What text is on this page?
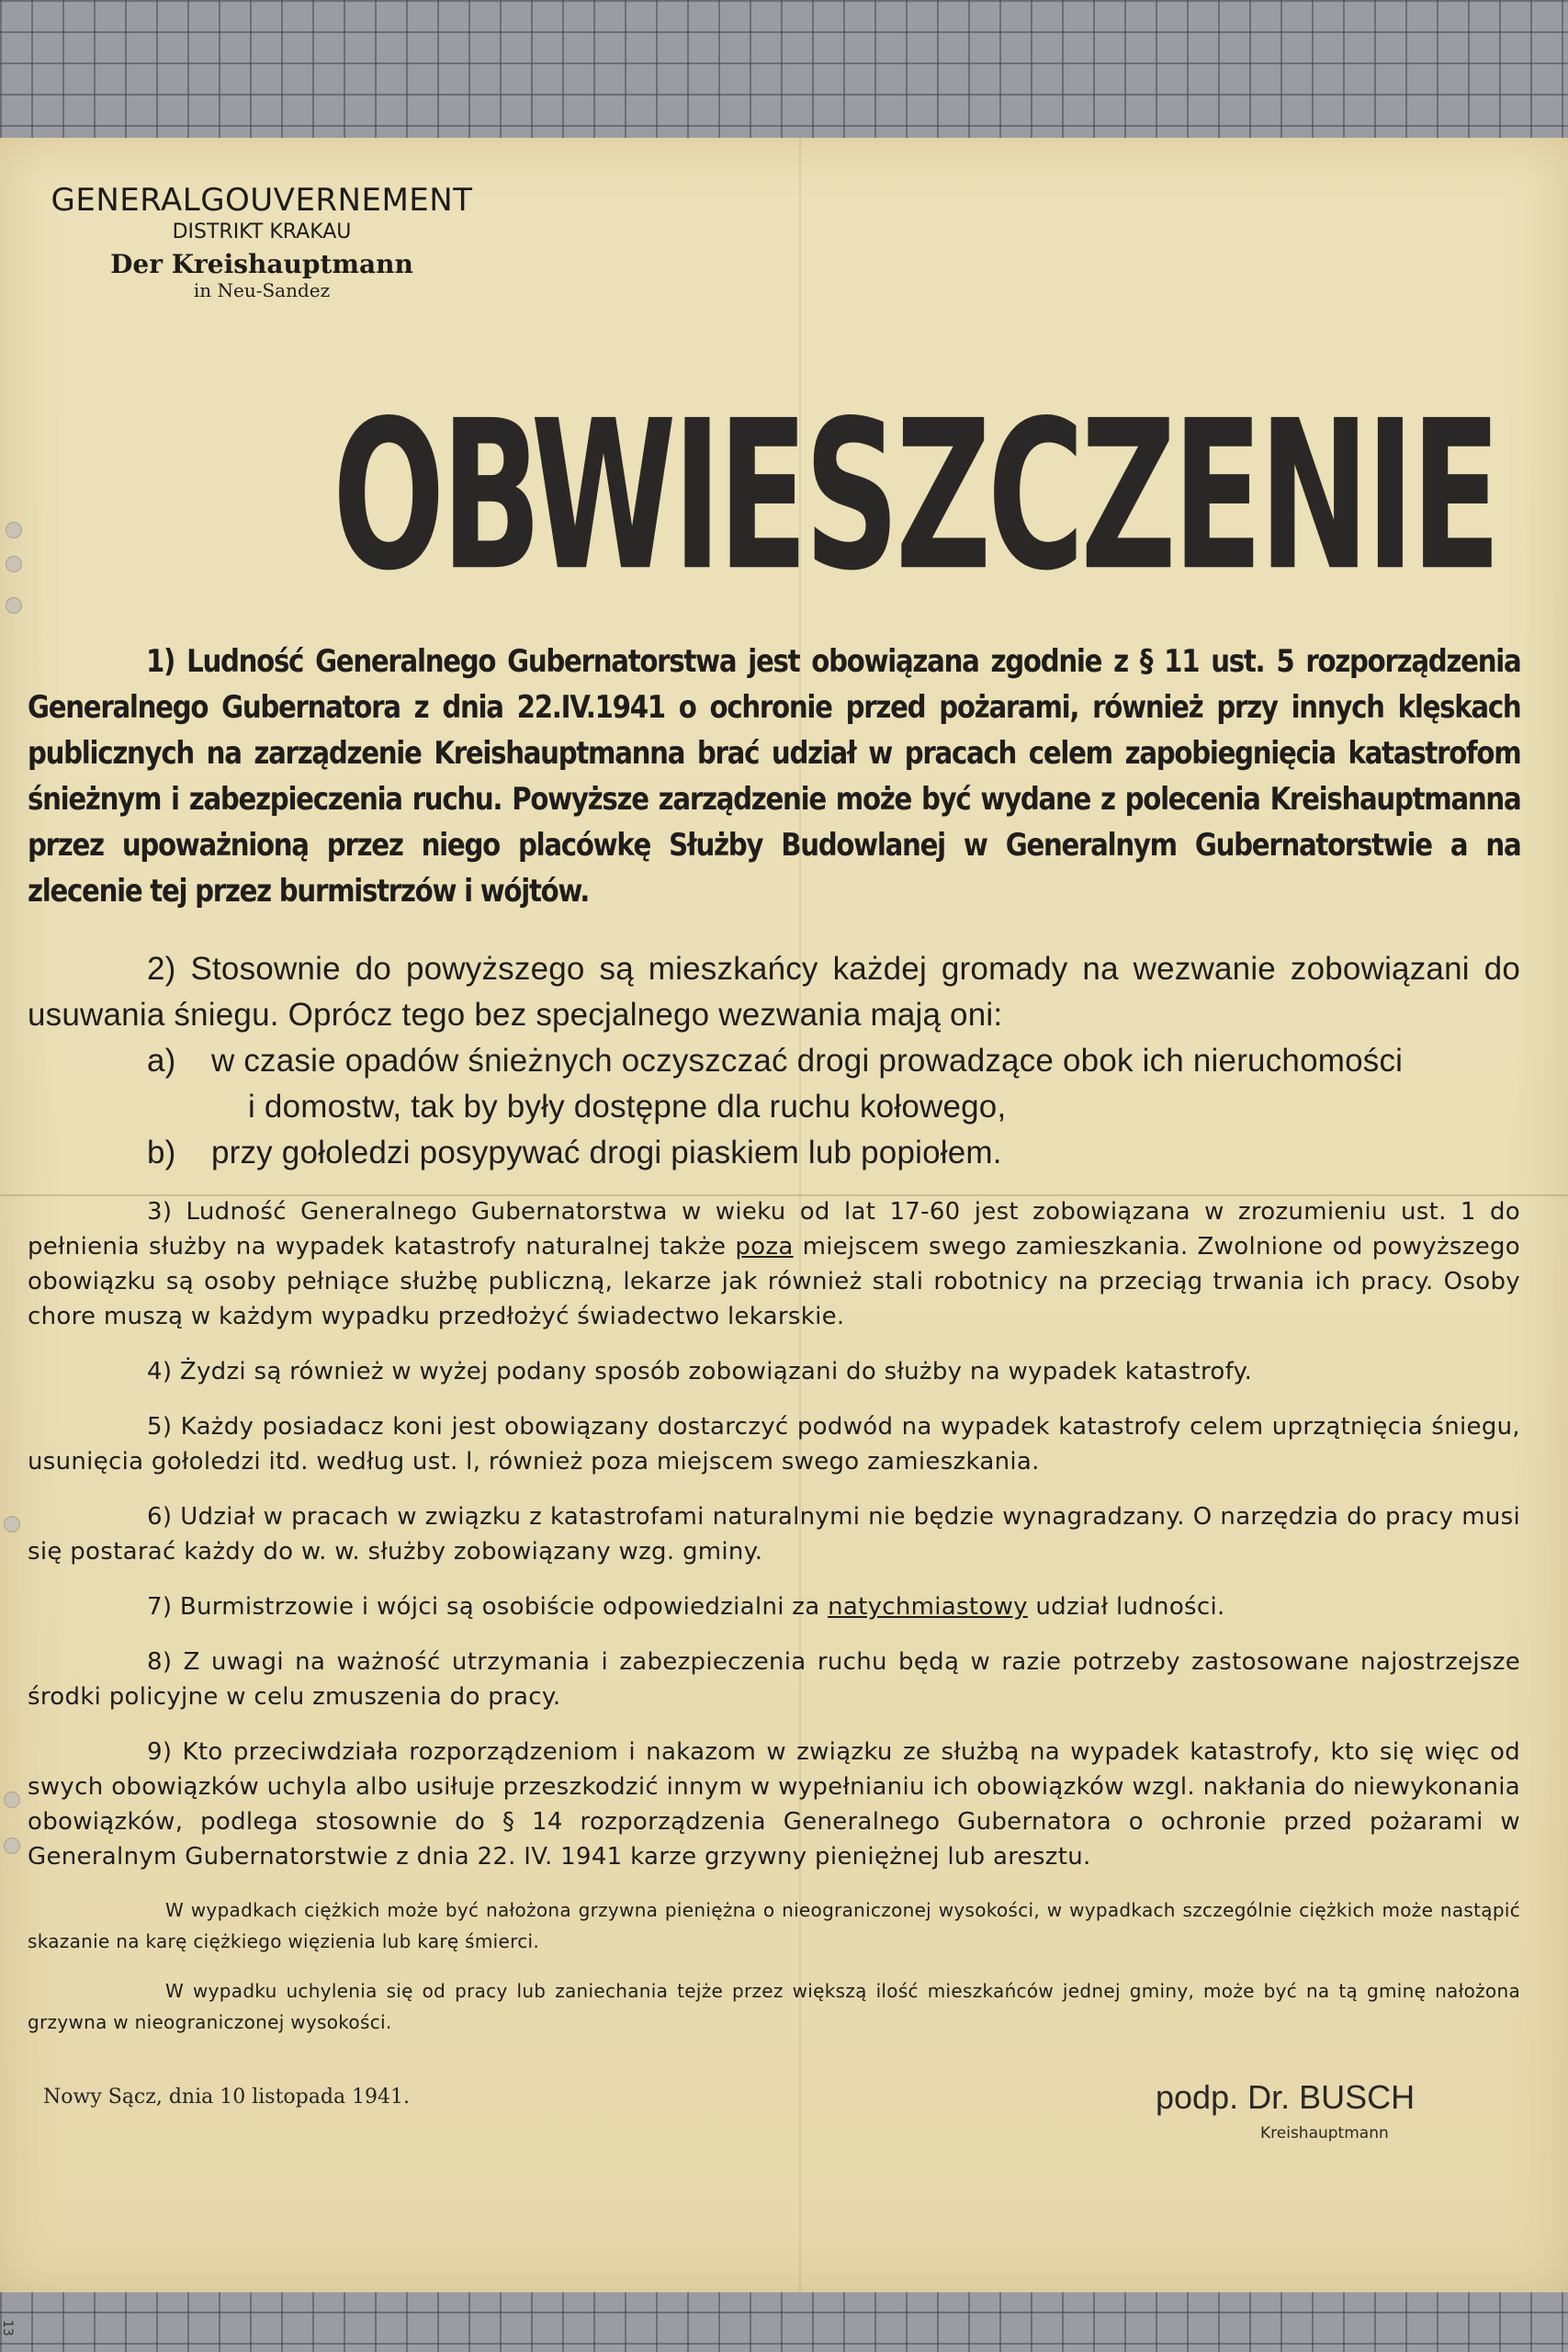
GENERALGOUVERNEMENT
DISTRIKT KRAKAU
Der Kreishauptmann
in Neu-Sandez
OBWIESZCZENIE
1) Ludność Generalnego Gubernatorstwa jest obowiązana zgodnie z § 11 ust. 5 rozporządzenia Generalnego Gubernatora z dnia 22.IV.1941 o ochronie przed pożarami, również przy innych klęskach publicznych na zarządzenie Kreishauptmanna brać udział w pracach celem zapobiegnięcia katastrofom śnieżnym i zabezpieczenia ruchu. Powyższe zarządzenie może być wydane z polecenia Kreishauptmanna przez upoważnioną przez niego placówkę Służby Budowlanej w Generalnym Gubernatorstwie a na zlecenie tej przez burmistrzów i wójtów.
2) Stosownie do powyższego są mieszkańcy każdej gromady na wezwanie zobowiązani do usuwania śniegu. Oprócz tego bez specjalnego wezwania mają oni:
a) w czasie opadów śnieżnych oczyszczać drogi prowadzące obok ich nieruchomości
i domostw, tak by były dostępne dla ruchu kołowego,
b) przy gołoledzi posypywać drogi piaskiem lub popiołem.
3) Ludność Generalnego Gubernatorstwa w wieku od lat 17-60 jest zobowiązana w zrozumieniu ust. 1 do pełnienia służby na wypadek katastrofy naturalnej także poza miejscem swego zamieszkania. Zwolnione od powyższego obowiązku są osoby pełniące służbę publiczną, lekarze jak również stali robotnicy na przeciąg trwania ich pracy. Osoby chore muszą w każdym wypadku przedłożyć świadectwo lekarskie.
4) Żydzi są również w wyżej podany sposób zobowiązani do służby na wypadek katastrofy.
5) Każdy posiadacz koni jest obowiązany dostarczyć podwód na wypadek katastrofy celem uprzątnięcia śniegu, usunięcia gołoledzi itd. według ust. l, również poza miejscem swego zamieszkania.
6) Udział w pracach w związku z katastrofami naturalnymi nie będzie wynagradzany. O narzędzia do pracy musi się postarać każdy do w. w. służby zobowiązany wzg. gminy.
7) Burmistrzowie i wójci są osobiście odpowiedzialni za natychmiastowy udział ludności.
8) Z uwagi na ważność utrzymania i zabezpieczenia ruchu będą w razie potrzeby zastosowane najostrzejsze środki policyjne w celu zmuszenia do pracy.
9) Kto przeciwdziała rozporządzeniom i nakazom w związku ze służbą na wypadek katastrofy, kto się więc od swych obowiązków uchyla albo usiłuje przeszkodzić innym w wypełnianiu ich obowiązków wzgl. nakłania do niewykonania obowiązków, podlega stosownie do § 14 rozporządzenia Generalnego Gubernatora o ochronie przed pożarami w Generalnym Gubernatorstwie z dnia 22. IV. 1941 karze grzywny pieniężnej lub aresztu.
W wypadkach ciężkich może być nałożona grzywna pieniężna o nieograniczonej wysokości, w wypadkach szczególnie ciężkich może nastąpić skazanie na karę ciężkiego więzienia lub karę śmierci.
W wypadku uchylenia się od pracy lub zaniechania tejże przez większą ilość mieszkańców jednej gminy, może być na tą gminę nałożona grzywna w nieograniczonej wysokości.
Nowy Sącz, dnia 10 listopada 1941.	podp. Dr. BUSCH
Kreishauptmann
13
